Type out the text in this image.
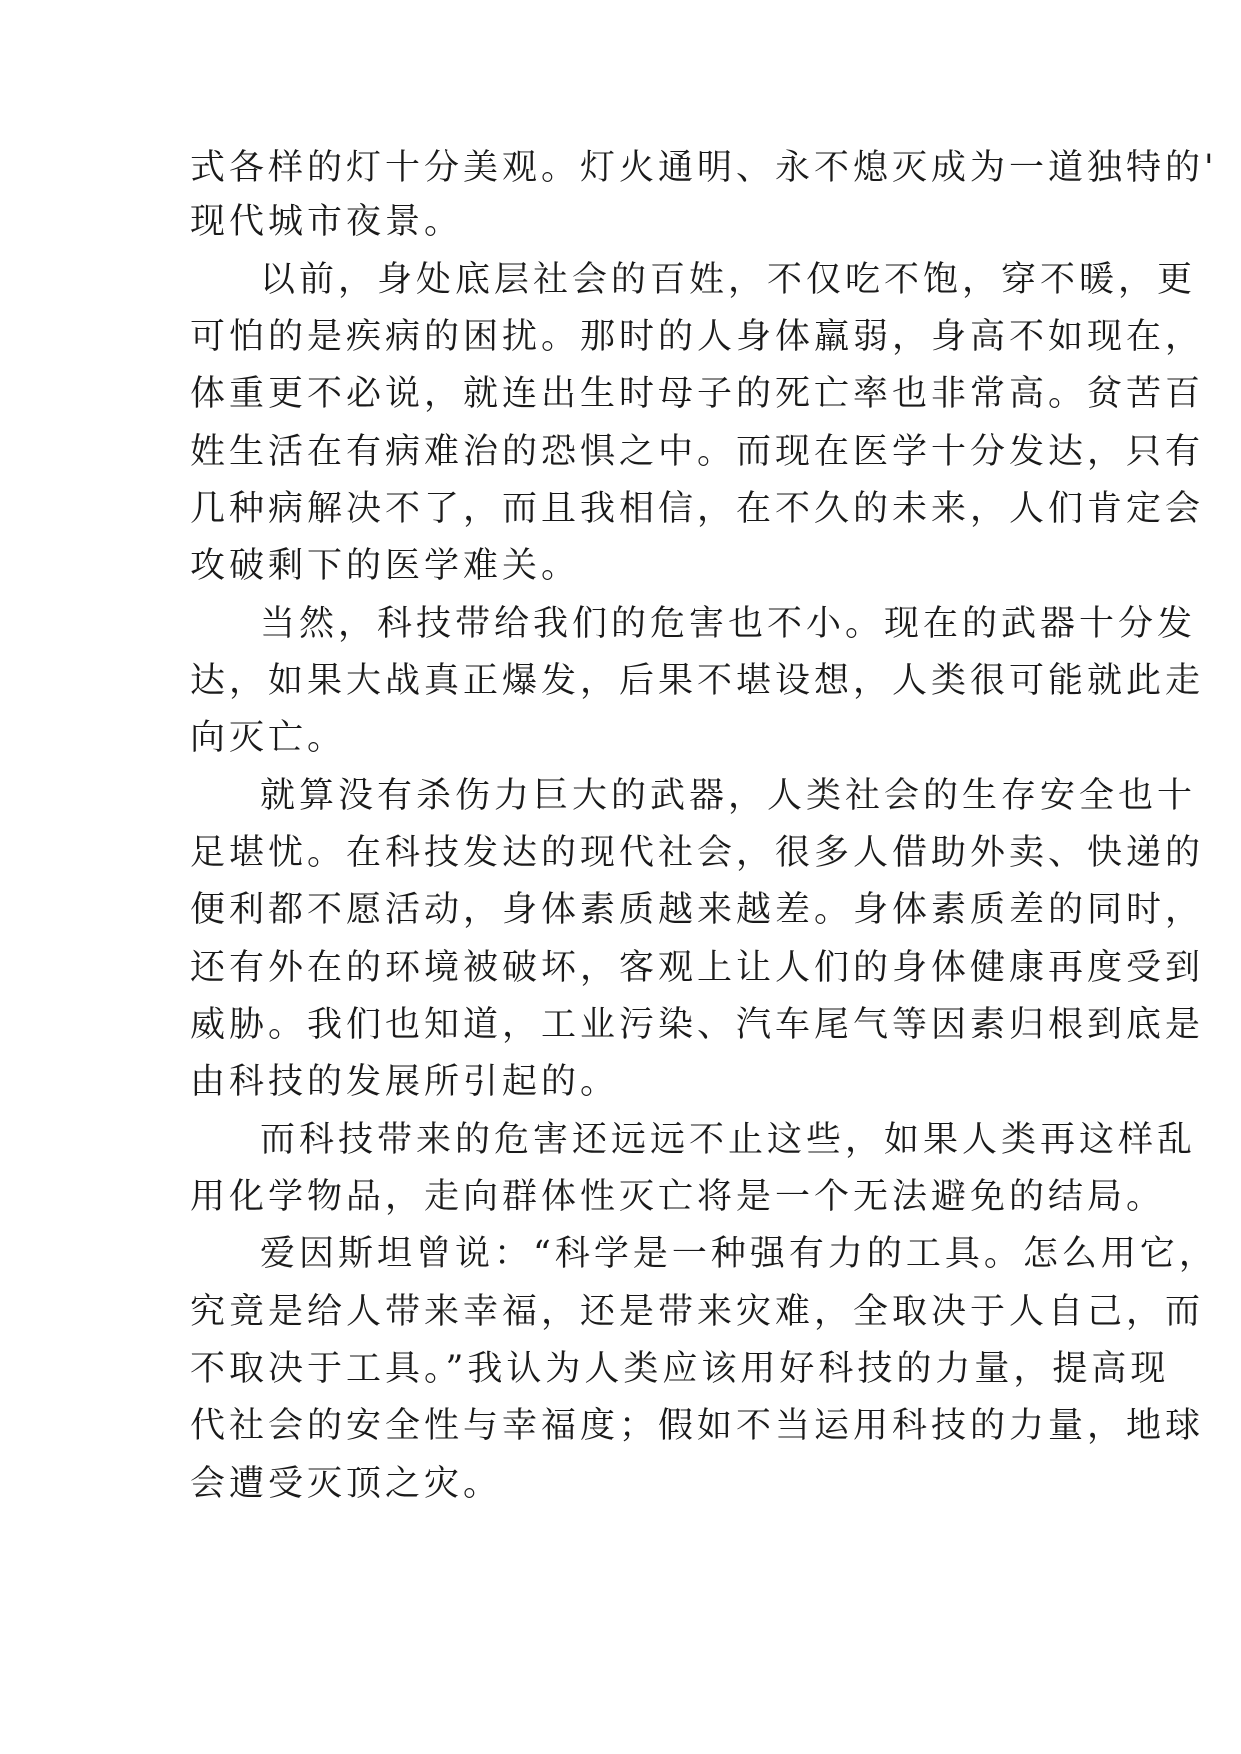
式各样的灯十分美观。灯火通明、永不熄灭成为一道独特的'
现代城市夜景。
以前，身处底层社会的百姓，不仅吃不饱，穿不暖，更
可怕的是疾病的困扰。那时的人身体羸弱，身高不如现在，
体重更不必说，就连出生时母子的死亡率也非常高。贫苦百
姓生活在有病难治的恐惧之中。而现在医学十分发达，只有
几种病解决不了，而且我相信，在不久的未来，人们肯定会
攻破剩下的医学难关。
当然，科技带给我们的危害也不小。现在的武器十分发
达，如果大战真正爆发，后果不堪设想，人类很可能就此走
向灭亡。
就算没有杀伤力巨大的武器，人类社会的生存安全也十
足堪忧。在科技发达的现代社会，很多人借助外卖、快递的
便利都不愿活动，身体素质越来越差。身体素质差的同时，
还有外在的环境被破坏，客观上让人们的身体健康再度受到
威胁。我们也知道，工业污染、汽车尾气等因素归根到底是
由科技的发展所引起的。
而科技带来的危害还远远不止这些，如果人类再这样乱
用化学物品，走向群体性灭亡将是一个无法避免的结局。
爱因斯坦曾说：“科学是一种强有力的工具。怎么用它，
究竟是给人带来幸福，还是带来灾难，全取决于人自己，而
不取决于工具。”我认为人类应该用好科技的力量，提高现
代社会的安全性与幸福度；假如不当运用科技的力量，地球
会遭受灭顶之灾。
